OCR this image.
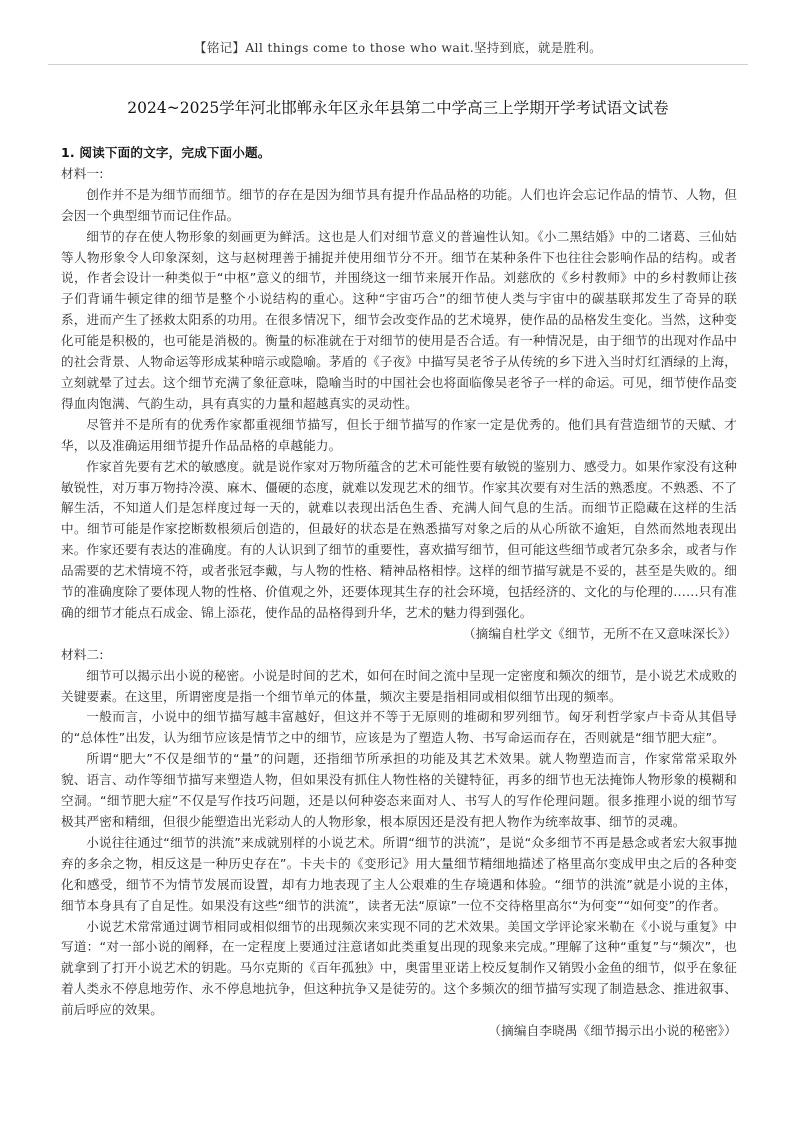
【铭记】All things come to those who wait.坚持到底，就是胜利。
2024~2025学年河北邯郸永年区永年县第二中学高三上学期开学考试语文试卷

1. 阅读下面的文字，完成下面小题。

材料一:

创作并不是为细节而细节。细节的存在是因为细节具有提升作品品格的功能。人们也许会忘记作品的情节、人物，但会因一个典型细节而记住作品。

细节的存在使人物形象的刻画更为鲜活。这也是人们对细节意义的普遍性认知。《小二黑结婚》中的二诸葛、三仙姑等人物形象令人印象深刻，这与赵树理善于捕捉并使用细节分不开。细节在某种条件下也往往会影响作品的结构。或者说，作者会设计一种类似于“中枢”意义的细节，并围绕这一细节来展开作品。刘慈欣的《乡村教师》中的乡村教师让孩子们背诵牛顿定律的细节是整个小说结构的重心。这种“宇宙巧合”的细节使人类与宇宙中的碳基联邦发生了奇异的联系，进而产生了拯救太阳系的功用。在很多情况下，细节会改变作品的艺术境界，使作品的品格发生变化。当然，这种变化可能是积极的，也可能是消极的。衡量的标准就在于对细节的使用是否合适。有一种情况是，由于细节的出现对作品中的社会背景、人物命运等形成某种暗示或隐喻。茅盾的《子夜》中描写吴老爷子从传统的乡下进入当时灯红酒绿的上海，立刻就晕了过去。这个细节充满了象征意味，隐喻当时的中国社会也将面临像吴老爷子一样的命运。可见，细节使作品变得血肉饱满、气韵生动，具有真实的力量和超越真实的灵动性。

尽管并不是所有的优秀作家都重视细节描写，但长于细节描写的作家一定是优秀的。他们具有营造细节的天赋、才华，以及准确运用细节提升作品品格的卓越能力。

作家首先要有艺术的敏感度。就是说作家对万物所蕴含的艺术可能性要有敏锐的鉴别力、感受力。如果作家没有这种敏锐性，对万事万物持冷漠、麻木、僵硬的态度，就难以发现艺术的细节。作家其次要有对生活的熟悉度。不熟悉、不了解生活，不知道人们是怎样度过每一天的，就难以表现出活色生香、充满人间气息的生活。而细节正隐藏在这样的生活中。细节可能是作家挖断数根须后创造的，但最好的状态是在熟悉描写对象之后的从心所欲不逾矩，自然而然地表现出来。作家还要有表达的准确度。有的人认识到了细节的重要性，喜欢描写细节，但可能这些细节或者冗杂多余，或者与作品需要的艺术情境不符，或者张冠李戴，与人物的性格、精神品格相悖。这样的细节描写就是不妥的，甚至是失败的。细节的准确度除了要体现人物的性格、价值观之外，还要体现其生存的社会环境，包括经济的、文化的与伦理的……只有准确的细节才能点石成金、锦上添花，使作品的品格得到升华，艺术的魅力得到强化。

（摘编自杜学文《细节，无所不在又意味深长》）

材料二:

细节可以揭示出小说的秘密。小说是时间的艺术，如何在时间之流中呈现一定密度和频次的细节，是小说艺术成败的关键要素。在这里，所谓密度是指一个细节单元的体量，频次主要是指相同或相似细节出现的频率。

一般而言，小说中的细节描写越丰富越好，但这并不等于无原则的堆砌和罗列细节。匈牙利哲学家卢卡奇从其倡导的“总体性”出发，认为细节应该是情节之中的细节，应该是为了塑造人物、书写命运而存在，否则就是“细节肥大症”。

所谓“肥大”不仅是细节的“量”的问题，还指细节所承担的功能及其艺术效果。就人物塑造而言，作家常常采取外貌、语言、动作等细节描写来塑造人物，但如果没有抓住人物性格的关键特征，再多的细节也无法掩饰人物形象的模糊和空洞。“细节肥大症”不仅是写作技巧问题，还是以何种姿态来面对人、书写人的写作伦理问题。很多推理小说的细节写极其严密和精细，但很少能塑造出光彩动人的人物形象，根本原因还是没有把人物作为统率故事、细节的灵魂。

小说往往通过“细节的洪流”来成就别样的小说艺术。所谓“细节的洪流”，是说“众多细节不再是悬念或者宏大叙事抛弃的多余之物，相反这是一种历史存在”。卡夫卡的《变形记》用大量细节精细地描述了格里高尔变成甲虫之后的各种变化和感受，细节不为情节发展而设置，却有力地表现了主人公艰难的生存境遇和体验。“细节的洪流”就是小说的主体，细节本身具有了自足性。如果没有这些“细节的洪流”，读者无法“原谅”一位不交待格里高尔“为何变”“如何变”的作者。

小说艺术常常通过调节相同或相似细节的出现频次来实现不同的艺术效果。美国文学评论家米勒在《小说与重复》中写道：“对一部小说的阐释，在一定程度上要通过注意诸如此类重复出现的现象来完成。”理解了这种“重复”与“频次”，也就拿到了打开小说艺术的钥匙。马尔克斯的《百年孤独》中，奥雷里亚诺上校反复制作又销毁小金鱼的细节，似乎在象征着人类永不停息地劳作、永不停息地抗争，但这种抗争又是徒劳的。这个多频次的细节描写实现了制造悬念、推进叙事、前后呼应的效果。

（摘编自李晓禺《细节揭示出小说的秘密》）
